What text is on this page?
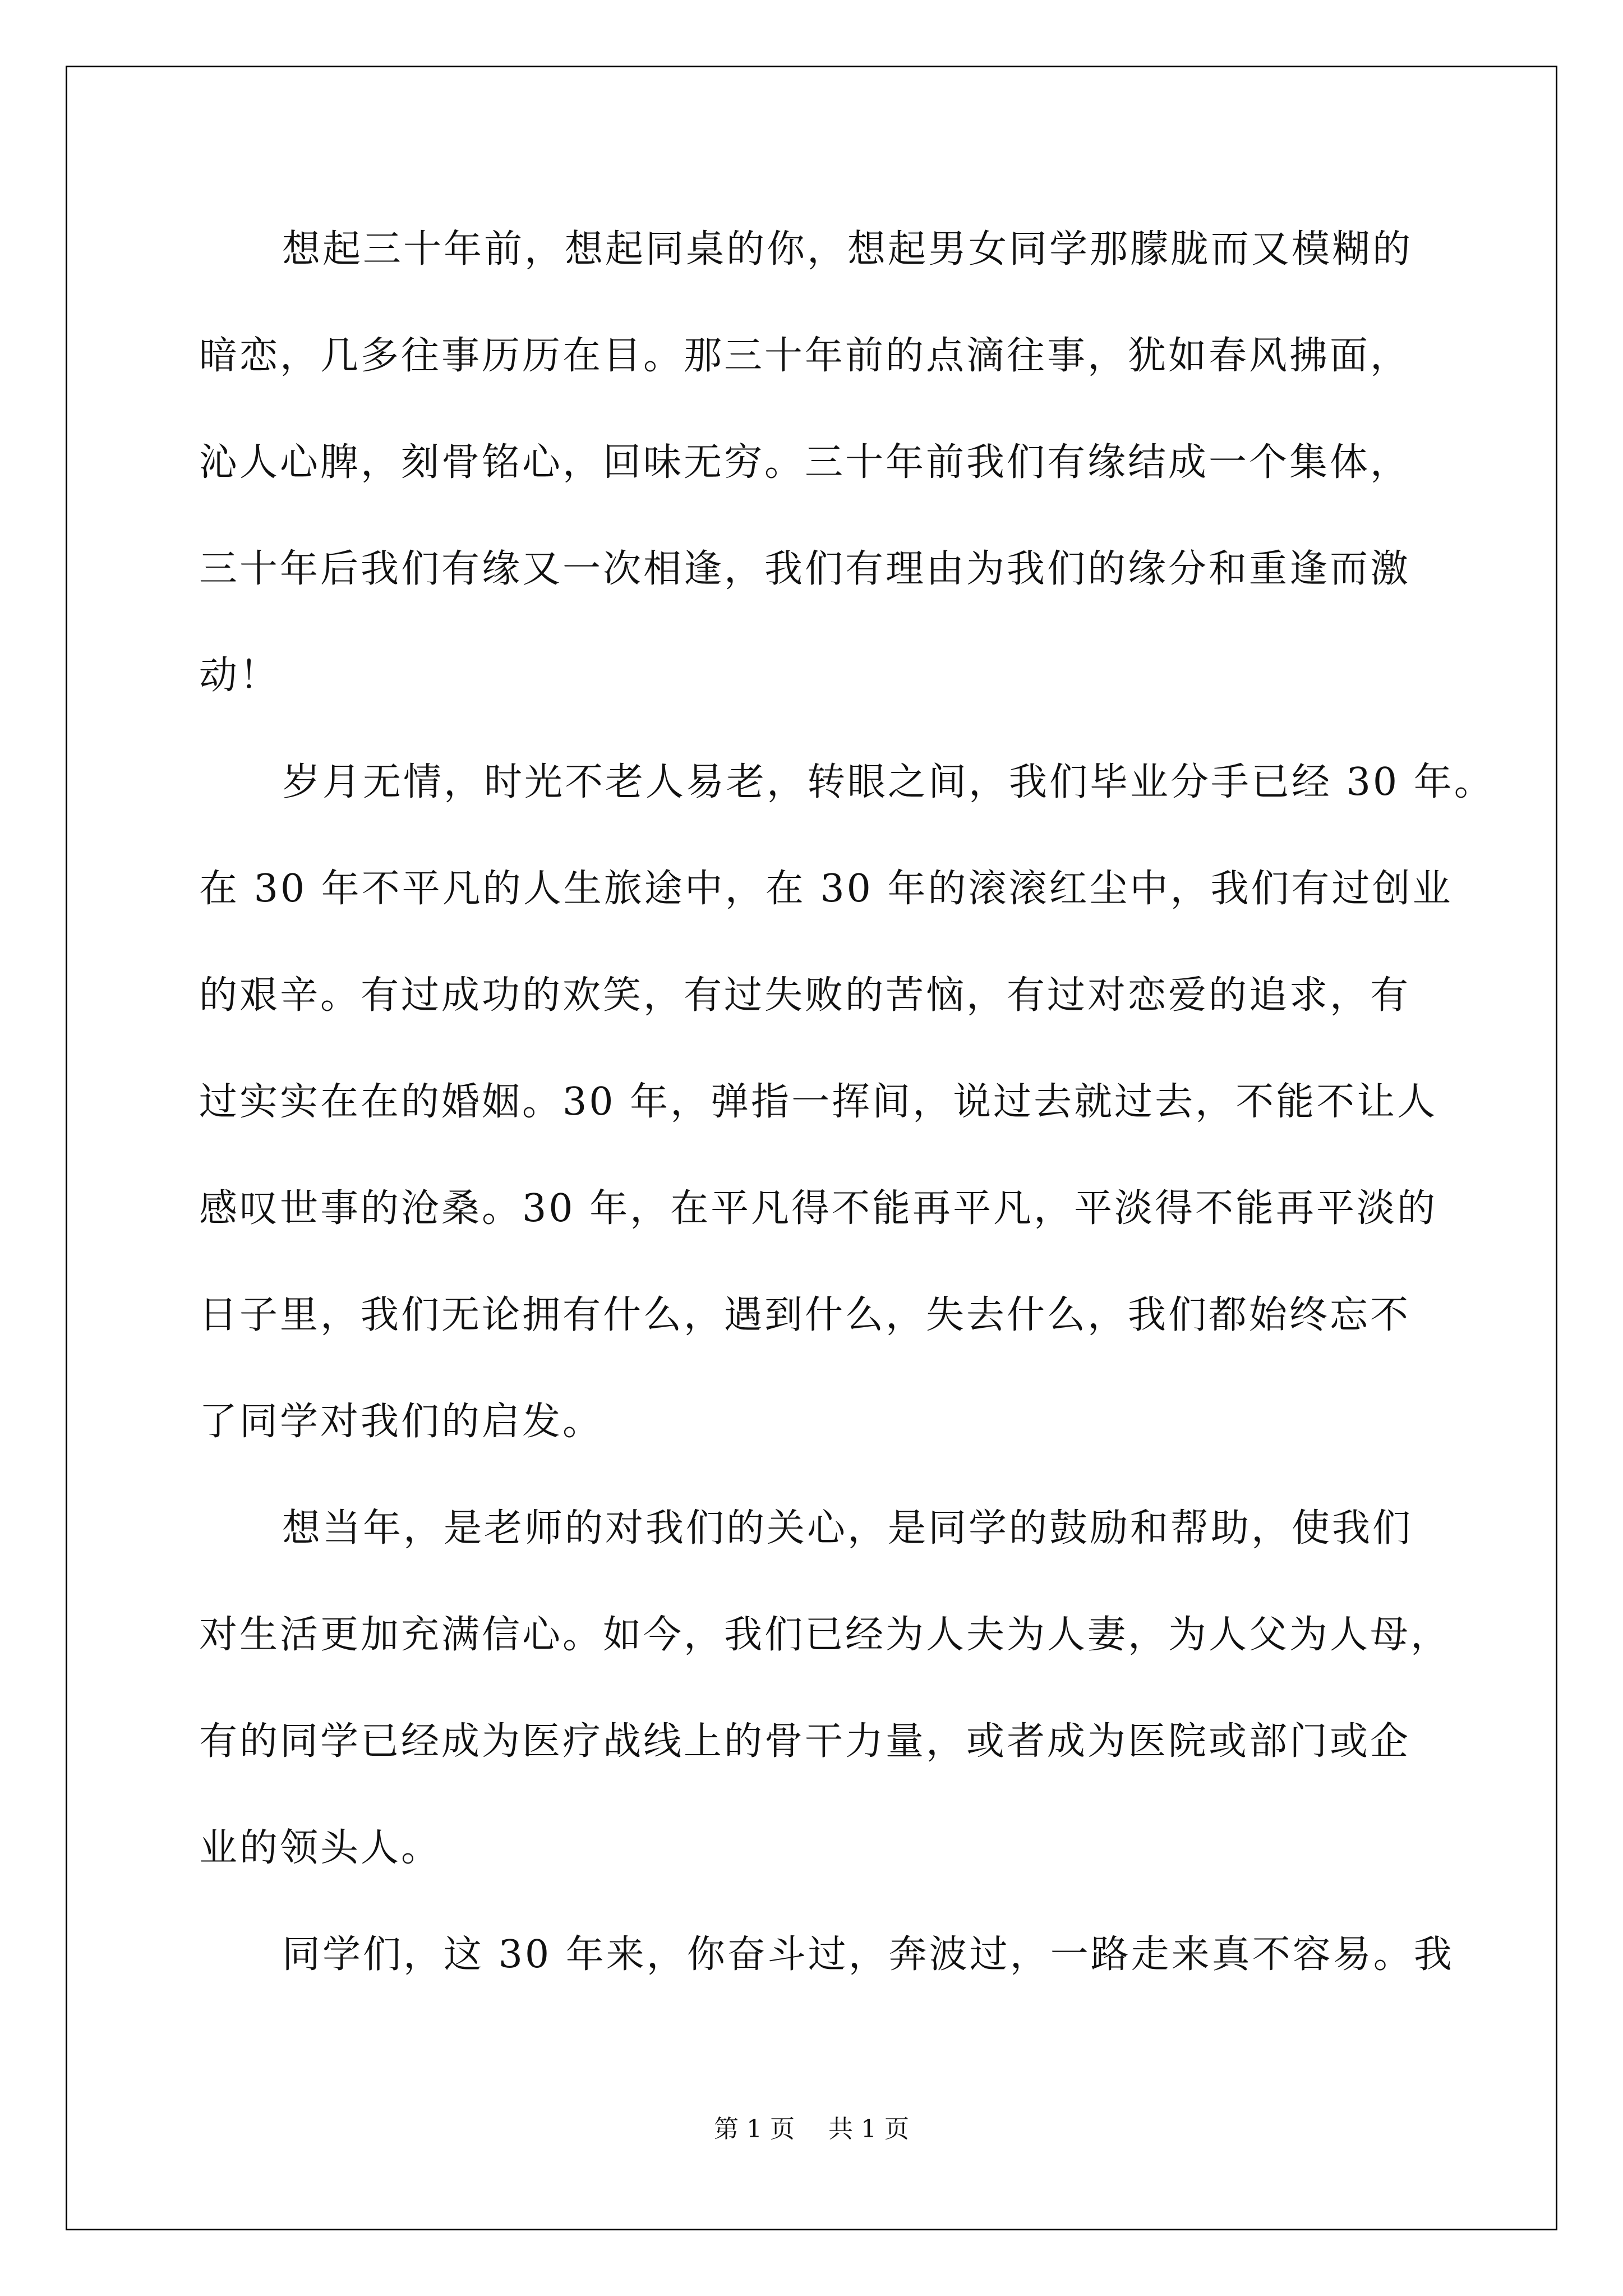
想起三十年前，想起同桌的你，想起男女同学那朦胧而又模糊的
暗恋，几多往事历历在目。那三十年前的点滴往事，犹如春风拂面，
沁人心脾，刻骨铭心，回味无穷。三十年前我们有缘结成一个集体，
三十年后我们有缘又一次相逢，我们有理由为我们的缘分和重逢而激
动！
岁月无情，时光不老人易老，转眼之间，我们毕业分手已经 30 年。
在 30 年不平凡的人生旅途中，在 30 年的滚滚红尘中，我们有过创业
的艰辛。有过成功的欢笑，有过失败的苦恼，有过对恋爱的追求，有
过实实在在的婚姻。30 年，弹指一挥间，说过去就过去，不能不让人
感叹世事的沧桑。30 年，在平凡得不能再平凡，平淡得不能再平淡的
日子里，我们无论拥有什么，遇到什么，失去什么，我们都始终忘不
了同学对我们的启发。
想当年，是老师的对我们的关心，是同学的鼓励和帮助，使我们
对生活更加充满信心。如今，我们已经为人夫为人妻，为人父为人母，
有的同学已经成为医疗战线上的骨干力量，或者成为医院或部门或企
业的领头人。
同学们，这 30 年来，你奋斗过，奔波过，一路走来真不容易。我
第 1 页 共 1 页
